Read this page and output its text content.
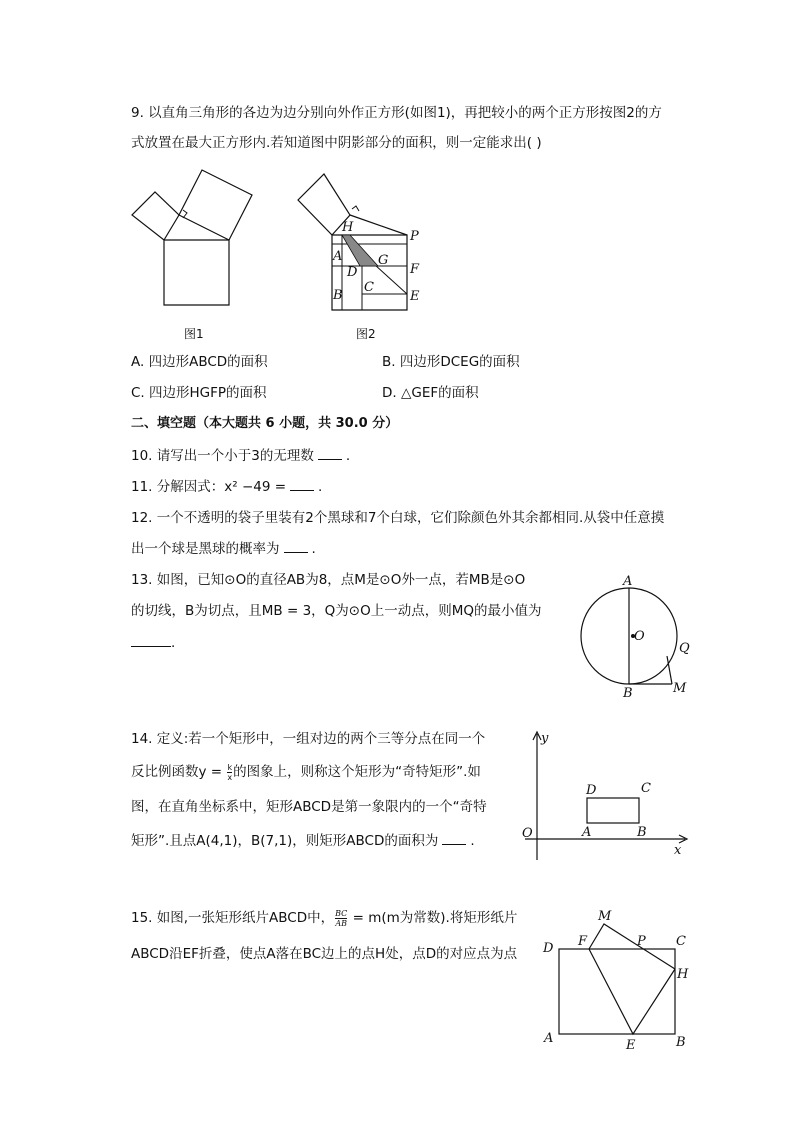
9. 以直角三角形的各边为边分别向外作正方形(如图1)，再把较小的两个正方形按图2的方
式放置在最大正方形内.若知道图中阴影部分的面积，则一定能求出( )
图1
H
P
A	G
F
D
C
B	E
图2
A. 四边形ABCD的面积	B. 四边形DCEG的面积
C. 四边形HGFP的面积	D. △GEF的面积
二、填空题（本大题共 6 小题，共 30.0 分）
10. 请写出一个小于3的无理数 .
11. 分解因式：x² −49 = .
12. 一个不透明的袋子里装有2个黑球和7个白球，它们除颜色外其余都相同.从袋中任意摸
出一个球是黑球的概率为 .
13. 如图，已知⊙O的直径AB为8，点M是⊙O外一点，若MB是⊙O
的切线，B为切点，且MB = 3，Q为⊙O上一动点，则MQ的最小值为
.
A
O
Q
B	M
14. 定义:若一个矩形中，一组对边的两个三等分点在同一个
反比例函数$y = \frac{k}{x}$ 的图象上，则称这个矩形为“奇特矩形”.如
图，在直角坐标系中，矩形ABCD是第一象限内的一个“奇特
矩形”.且点A(4,1)，B(7,1)，则矩形ABCD的面积为 .
y
D	C
O	A	B
x
15. 如图,一张矩形纸片ABCD中， $\frac{BC}{AB} = m(m$为常数).将矩形纸片
ABCD沿EF折叠，使点A落在BC边上的点H处，点D的对应点为点
M
D F	P C
H
A	E	B
